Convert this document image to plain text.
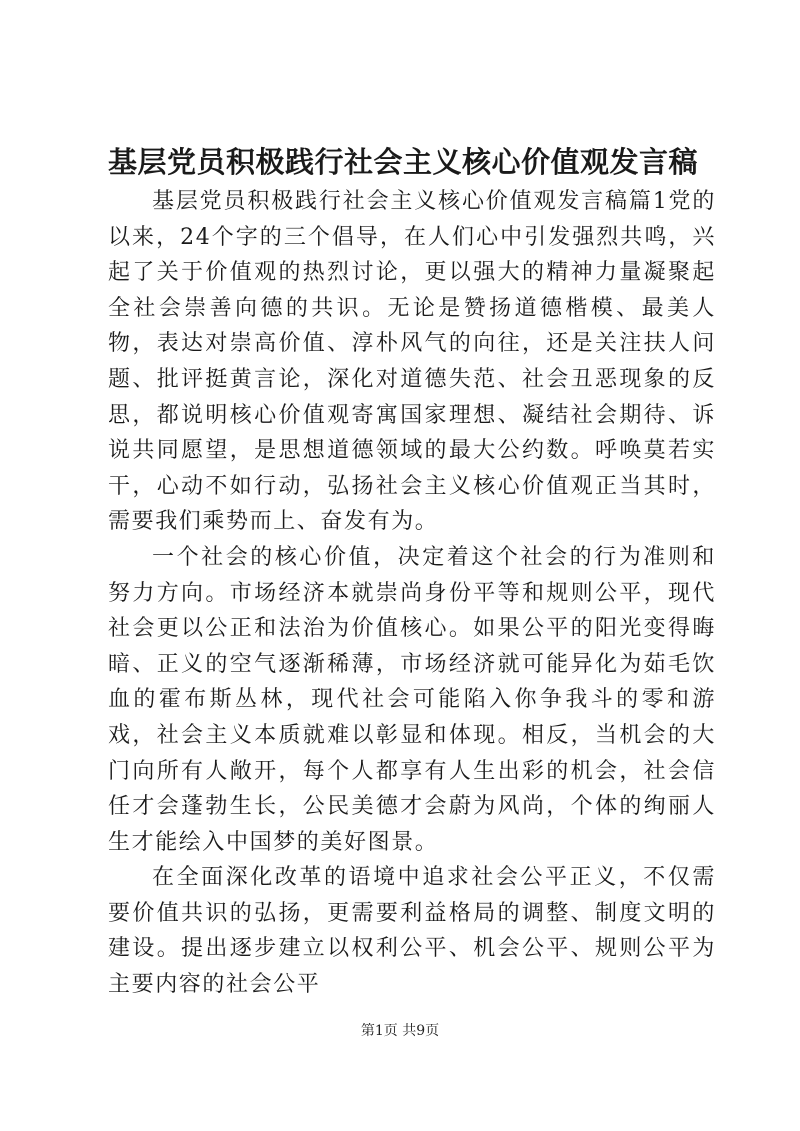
基层党员积极践行社会主义核心价值观发言稿

基层党员积极践行社会主义核心价值观发言稿篇1党的以来，24个字的三个倡导，在人们心中引发强烈共鸣，兴起了关于价值观的热烈讨论，更以强大的精神力量凝聚起全社会崇善向德的共识。无论是赞扬道德楷模、最美人物，表达对崇高价值、淳朴风气的向往，还是关注扶人问题、批评挺黄言论，深化对道德失范、社会丑恶现象的反思，都说明核心价值观寄寓国家理想、凝结社会期待、诉说共同愿望，是思想道德领域的最大公约数。呼唤莫若实干，心动不如行动，弘扬社会主义核心价值观正当其时，需要我们乘势而上、奋发有为。

一个社会的核心价值，决定着这个社会的行为准则和努力方向。市场经济本就崇尚身份平等和规则公平，现代社会更以公正和法治为价值核心。如果公平的阳光变得晦暗、正义的空气逐渐稀薄，市场经济就可能异化为茹毛饮血的霍布斯丛林，现代社会可能陷入你争我斗的零和游戏，社会主义本质就难以彰显和体现。相反，当机会的大门向所有人敞开，每个人都享有人生出彩的机会，社会信任才会蓬勃生长，公民美德才会蔚为风尚，个体的绚丽人生才能绘入中国梦的美好图景。

在全面深化改革的语境中追求社会公平正义，不仅需要价值共识的弘扬，更需要利益格局的调整、制度文明的建设。提出逐步建立以权利公平、机会公平、规则公平为主要内容的社会公平

第1页 共9页
